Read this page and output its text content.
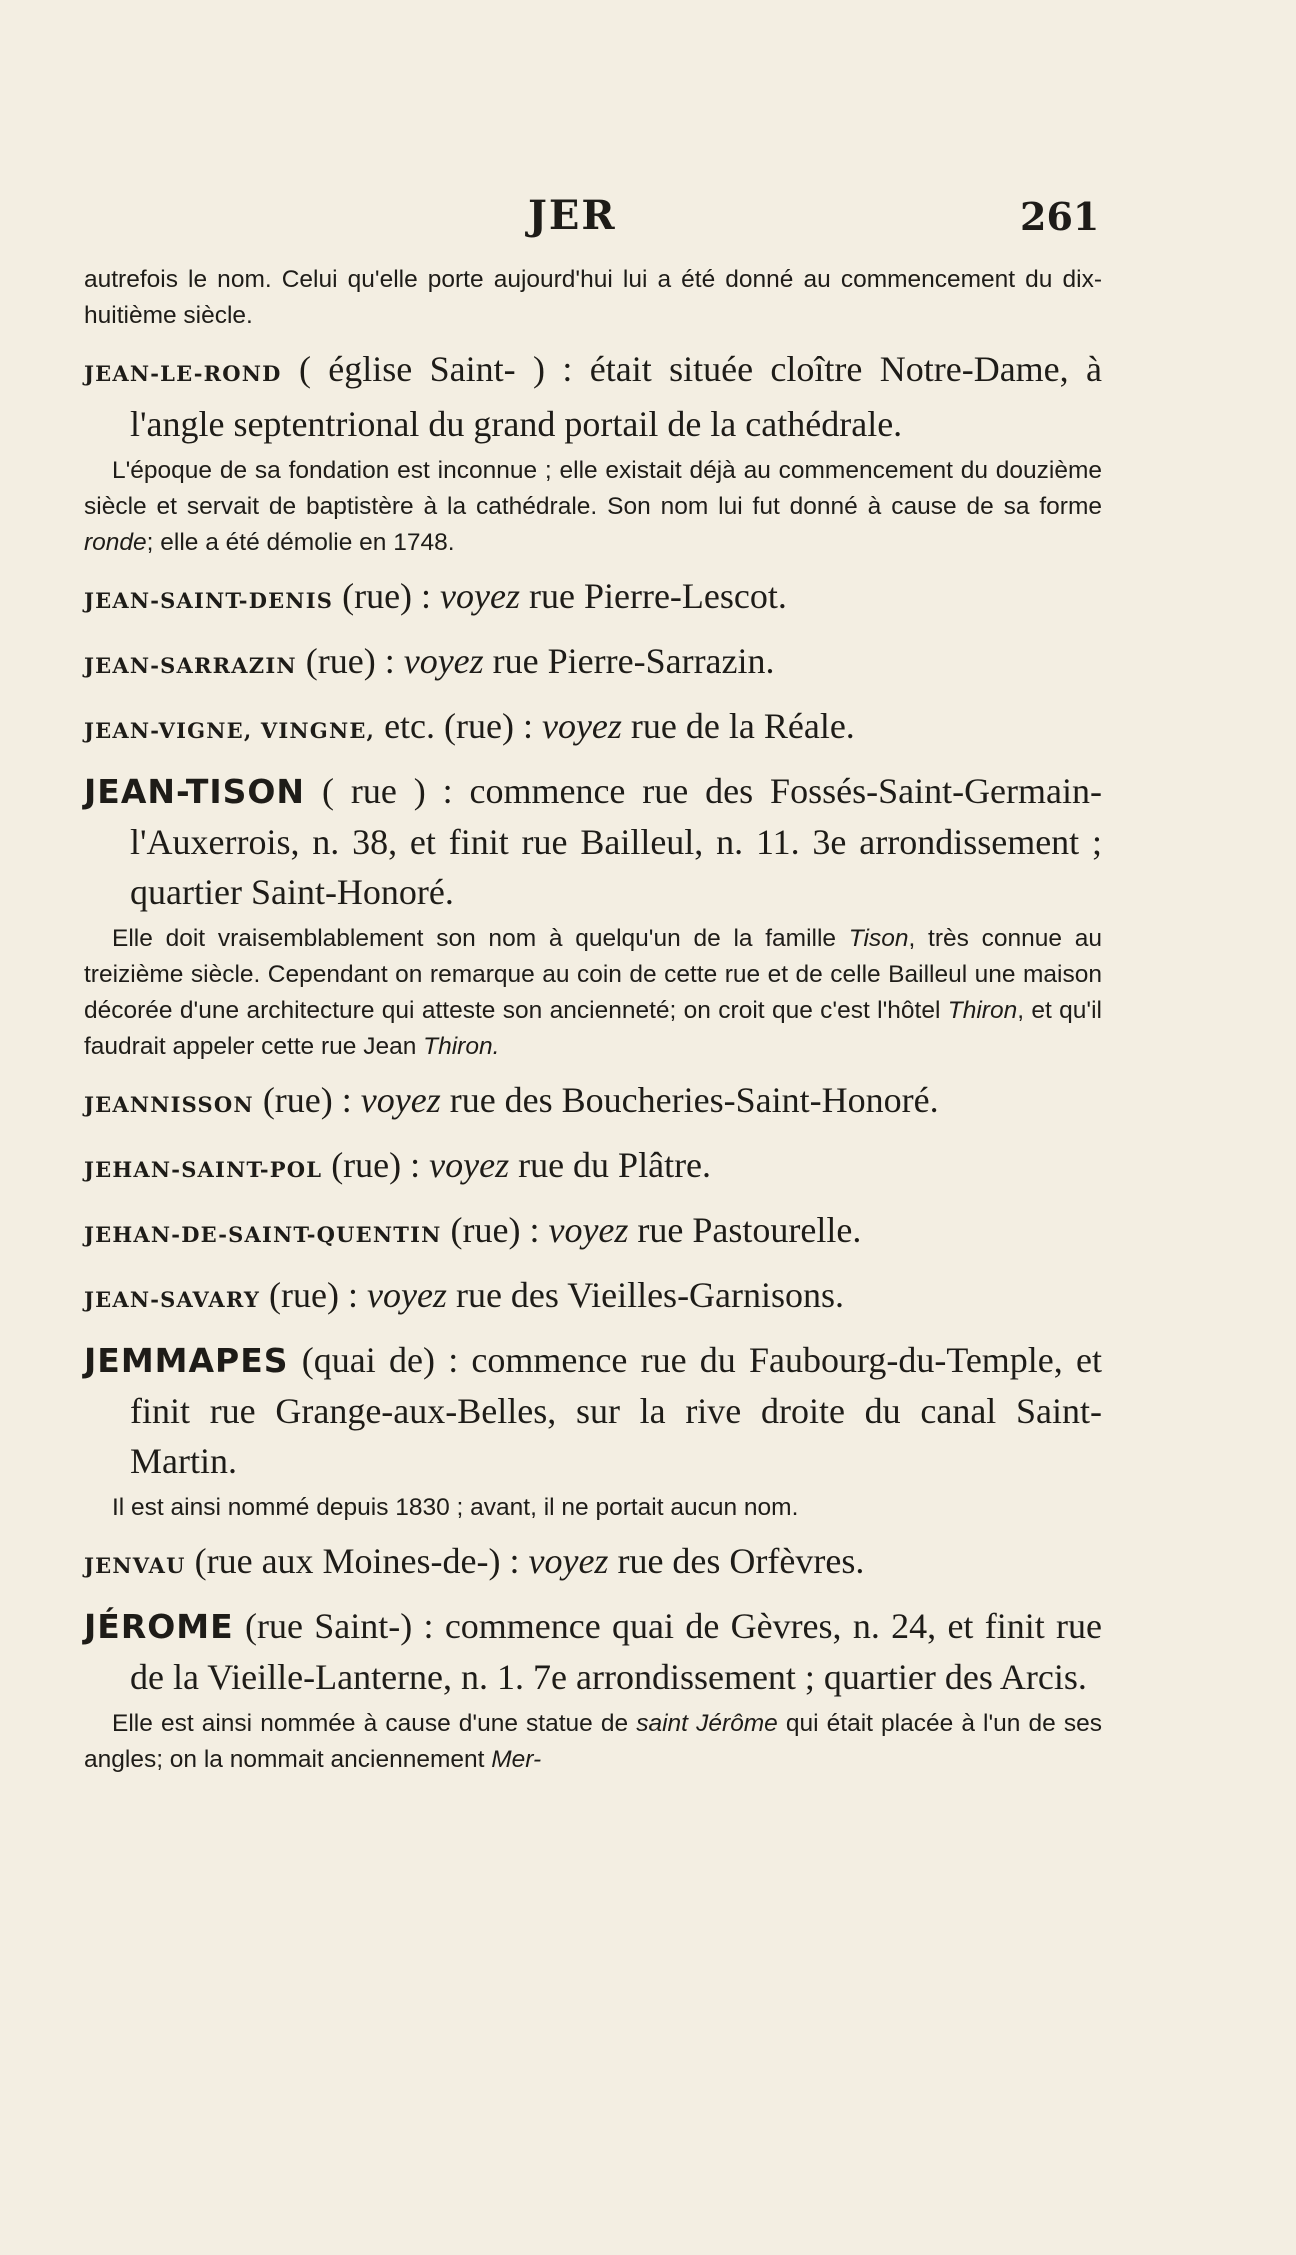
JER	261

autrefois le nom. Celui qu'elle porte aujourd'hui lui a été donné au commencement du dix-huitième siècle.

JEAN-LE-ROND ( église Saint- ) : était située cloître Notre-Dame, à l'angle septentrional du grand portail de la cathédrale.

L'époque de sa fondation est inconnue ; elle existait déjà au commencement du douzième siècle et servait de baptistère à la cathédrale. Son nom lui fut donné à cause de sa forme ronde; elle a été démolie en 1748.

JEAN-SAINT-DENIS (rue) : voyez rue Pierre-Lescot.

JEAN-SARRAZIN (rue) : voyez rue Pierre-Sarrazin.

JEAN-VIGNE, VINGNE, etc. (rue) : voyez rue de la Réale.

JEAN-TISON ( rue ) : commence rue des Fossés-Saint-Germain-l'Auxerrois, n. 38, et finit rue Bailleul, n. 11. 3e arrondissement ; quartier Saint-Honoré.

Elle doit vraisemblablement son nom à quelqu'un de la famille Tison, très connue au treizième siècle. Cependant on remarque au coin de cette rue et de celle Bailleul une maison décorée d'une architecture qui atteste son ancienneté; on croit que c'est l'hôtel Thiron, et qu'il faudrait appeler cette rue Jean Thiron.

JEANNISSON (rue) : voyez rue des Boucheries-Saint-Honoré.

JEHAN-SAINT-POL (rue) : voyez rue du Plâtre.

JEHAN-DE-SAINT-QUENTIN (rue) : voyez rue Pastourelle.

JEAN-SAVARY (rue) : voyez rue des Vieilles-Garnisons.

JEMMAPES (quai de) : commence rue du Faubourg-du-Temple, et finit rue Grange-aux-Belles, sur la rive droite du canal Saint-Martin.

Il est ainsi nommé depuis 1830 ; avant, il ne portait aucun nom.

JENVAU (rue aux Moines-de-) : voyez rue des Orfèvres.

JÉROME (rue Saint-) : commence quai de Gèvres, n. 24, et finit rue de la Vieille-Lanterne, n. 1. 7e arrondissement ; quartier des Arcis.

Elle est ainsi nommée à cause d'une statue de saint Jérôme qui était placée à l'un de ses angles; on la nommait anciennement Mer-
